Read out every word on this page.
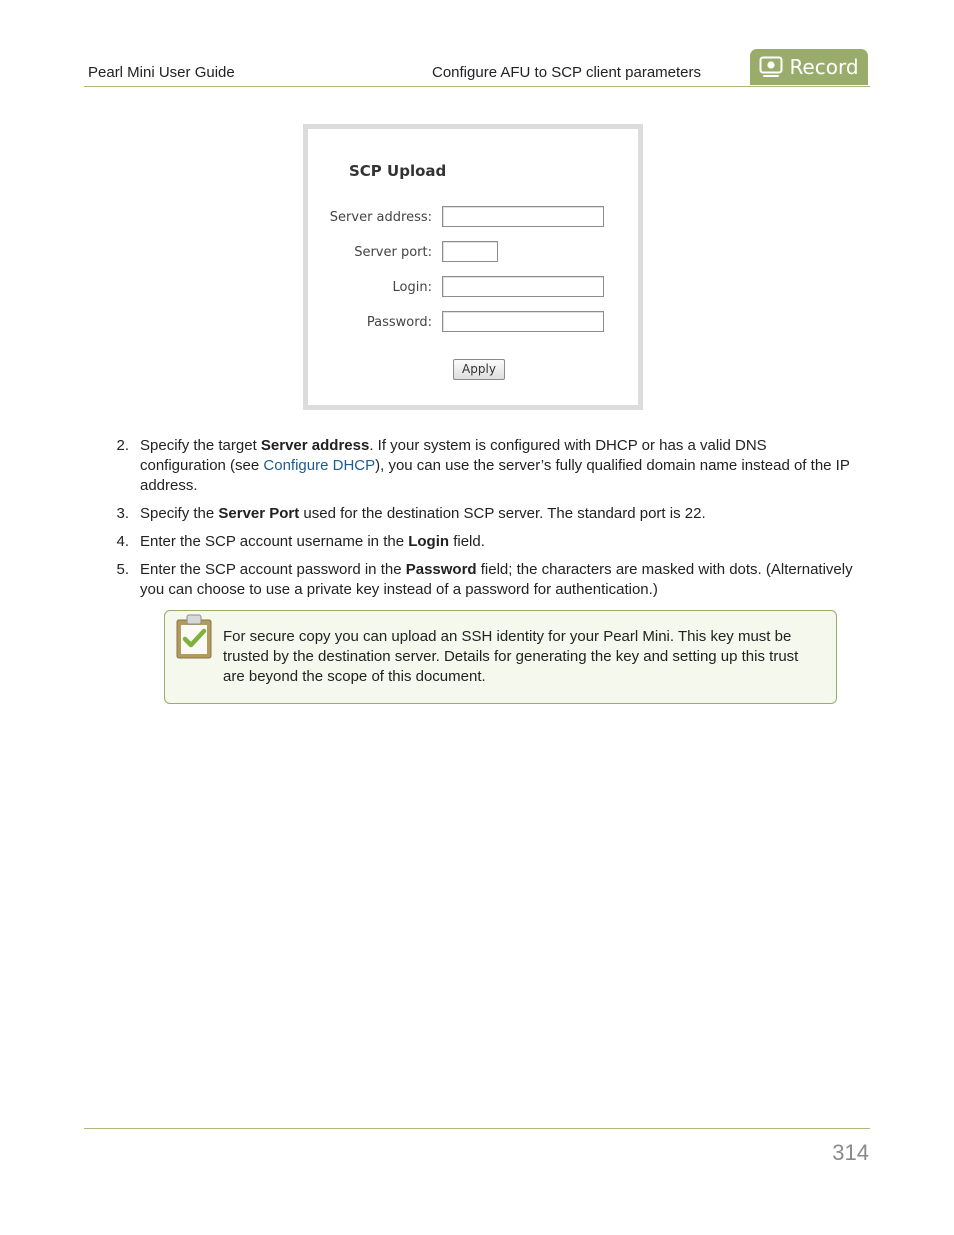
Pearl Mini User Guide	Configure AFU to SCP client parameters	Record
SCP Upload
Server address:
Server port:
Login:
Password:
Apply
2. Specify the target Server address. If your system is configured with DHCP or has a valid DNS configuration (see Configure DHCP), you can use the server’s fully qualified domain name instead of the IP address.
3. Specify the Server Port used for the destination SCP server. The standard port is 22.
4. Enter the SCP account username in the Login field.
5. Enter the SCP account password in the Password field; the characters are masked with dots. (Alternatively you can choose to use a private key instead of a password for authentication.)
For secure copy you can upload an SSH identity for your Pearl Mini. This key must be trusted by the destination server. Details for generating the key and setting up this trust are beyond the scope of this document.
314
